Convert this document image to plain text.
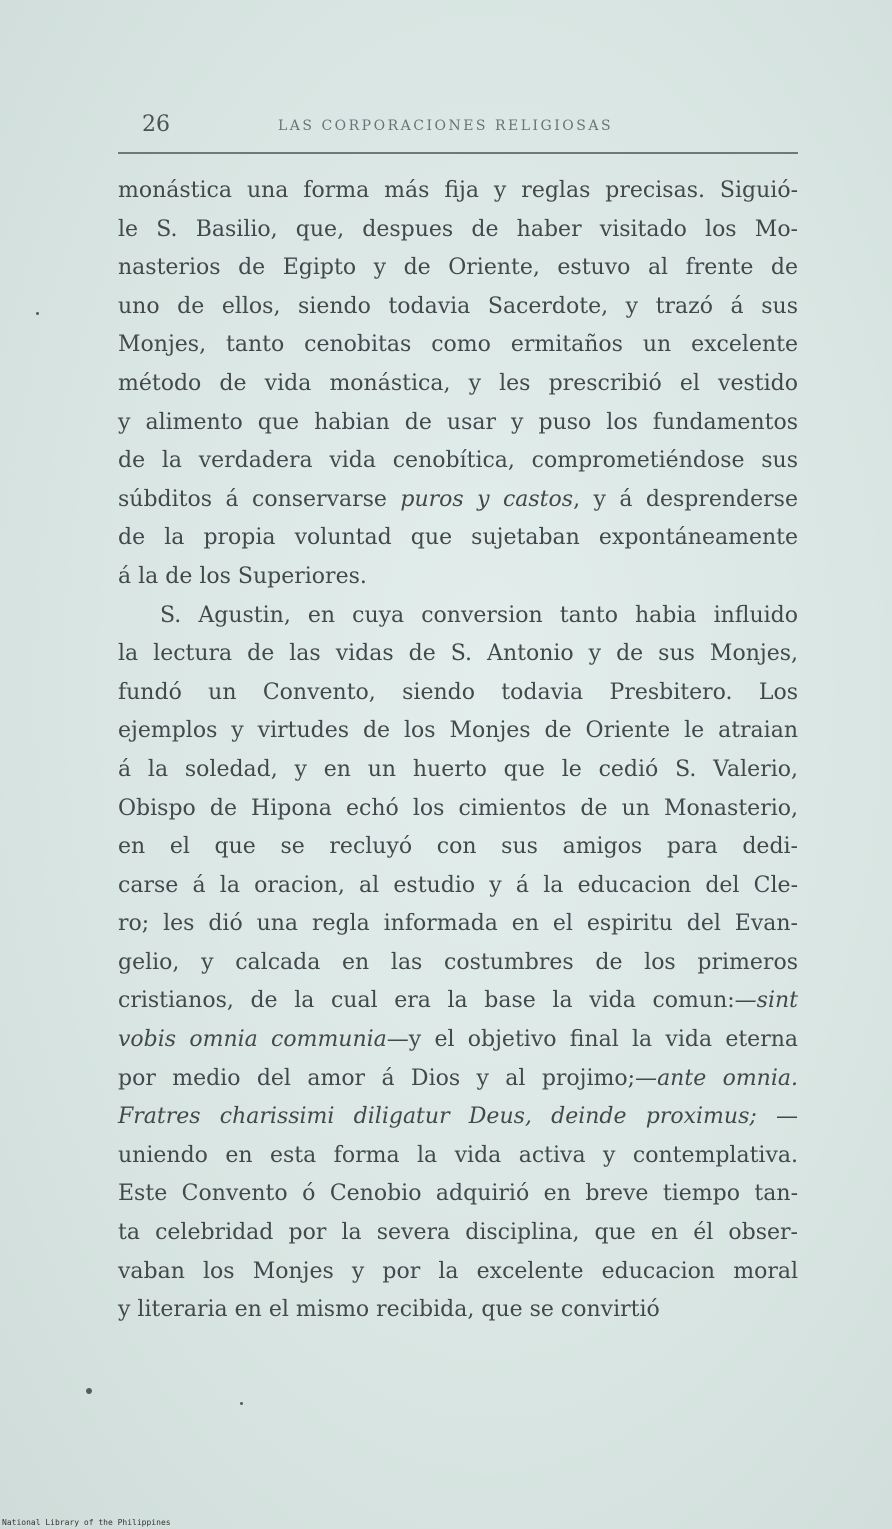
26	LAS CORPORACIONES RELIGIOSAS
monástica una forma más fija y reglas precisas. Siguió-
le S. Basilio, que, despues de haber visitado los Mo-
nasterios de Egipto y de Oriente, estuvo al frente de
uno de ellos, siendo todavia Sacerdote, y trazó á sus
Monjes, tanto cenobitas como ermitaños un excelente
método de vida monástica, y les prescribió el vestido
y alimento que habian de usar y puso los fundamentos
de la verdadera vida cenobítica, comprometiéndose sus
súbditos á conservarse puros y castos, y á desprenderse
de la propia voluntad que sujetaban expontáneamente
á la de los Superiores.
S. Agustin, en cuya conversion tanto habia influido
la lectura de las vidas de S. Antonio y de sus Monjes,
fundó un Convento, siendo todavia Presbitero. Los
ejemplos y virtudes de los Monjes de Oriente le atraian
á la soledad, y en un huerto que le cedió S. Valerio,
Obispo de Hipona echó los cimientos de un Monasterio,
en el que se recluyó con sus amigos para dedi-
carse á la oracion, al estudio y á la educacion del Cle-
ro; les dió una regla informada en el espiritu del Evan-
gelio, y calcada en las costumbres de los primeros
cristianos, de la cual era la base la vida comun:—sint
vobis omnia communia—y el objetivo final la vida eterna
por medio del amor á Dios y al projimo;—ante omnia.
Fratres charissimi diligatur Deus, deinde proximus; —
uniendo en esta forma la vida activa y contemplativa.
Este Convento ó Cenobio adquirió en breve tiempo tan-
ta celebridad por la severa disciplina, que en él obser-
vaban los Monjes y por la excelente educacion moral
y literaria en el mismo recibida, que se convirtió
National Library of the Philippines
